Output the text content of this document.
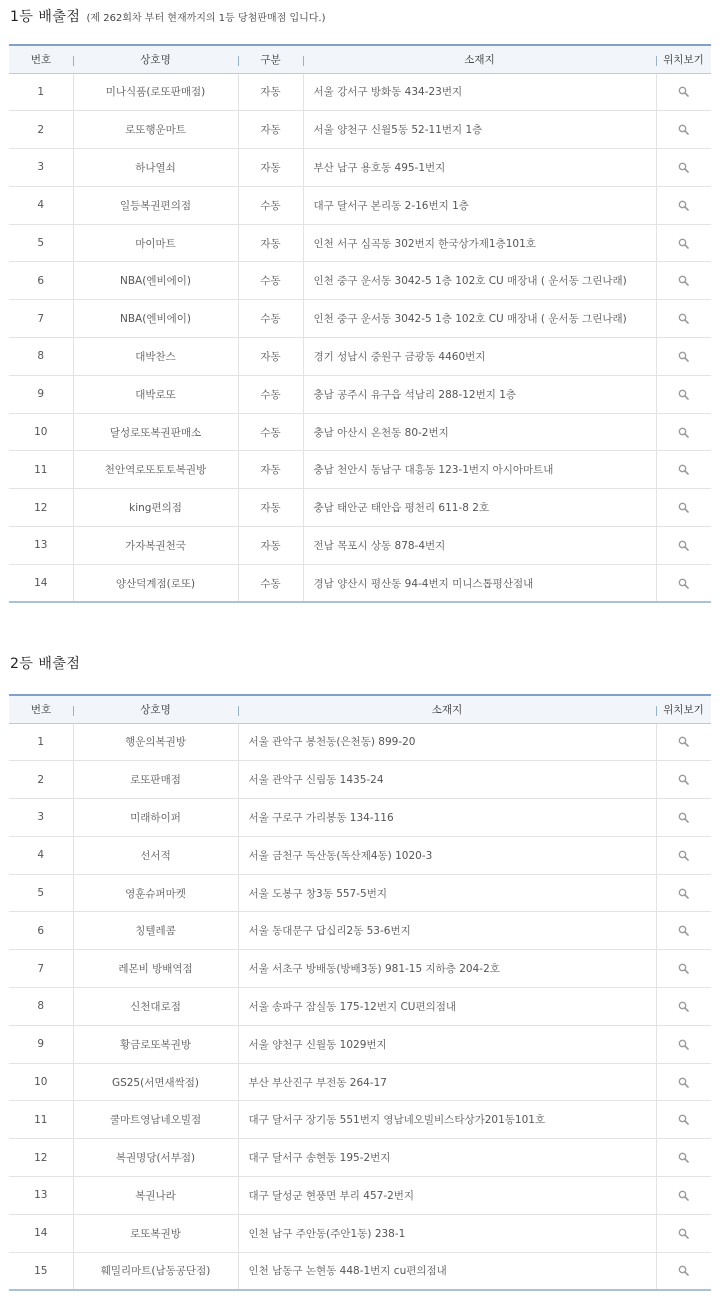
1등 배출점 (제 262회차 부터 현재까지의 1등 당첨판매점 입니다.)
번호	상호명	구분	소재지	위치보기
1	미나식품(로또판매점)	자동	서울 강서구 방화동 434-23번지	

2	로또행운마트	자동	서울 양천구 신월5동 52-11번지 1층	

3	하나열쇠	자동	부산 남구 용호동 495-1번지	

4	일등복권편의점	수동	대구 달서구 본리동 2-16번지 1층	

5	마이마트	자동	인천 서구 심곡동 302번지 한국상가제1층101호	

6	NBA(엔비에이)	수동	인천 중구 운서동 3042-5 1층 102호 CU 매장내 ( 운서동 그린나래)	

7	NBA(엔비에이)	수동	인천 중구 운서동 3042-5 1층 102호 CU 매장내 ( 운서동 그린나래)	

8	대박찬스	자동	경기 성남시 중원구 금광동 4460번지	

9	대박로또	수동	충남 공주시 유구읍 석남리 288-12번지 1층	

10	달성로또복권판매소	수동	충남 아산시 온천동 80-2번지	

11	천안역로또토토복권방	자동	충남 천안시 동남구 대흥동 123-1번지 아시아마트내	

12	king편의점	자동	충남 태안군 태안읍 평천리 611-8 2호	

13	가자복권천국	자동	전남 목포시 상동 878-4번지	

14	양산덕계점(로또)	수동	경남 양산시 평산동 94-4번지 미니스톱평산점내	
2등 배출점
번호	상호명	소재지	위치보기
1	행운의복권방	서울 관악구 봉천동(은천동) 899-20	

2	로또판매점	서울 관악구 신림동 1435-24	

3	미래하이퍼	서울 구로구 가리봉동 134-116	

4	선서적	서울 금천구 독산동(독산제4동) 1020-3	

5	영훈슈퍼마켓	서울 도봉구 창3동 557-5번지	

6	칭텔레콤	서울 동대문구 답십리2동 53-6번지	

7	레몬비 방배역점	서울 서초구 방배동(방배3동) 981-15 지하층 204-2호	

8	신천대로점	서울 송파구 잠실동 175-12번지 CU편의점내	

9	황금로또복권방	서울 양천구 신월동 1029번지	

10	GS25(서면새싹점)	부산 부산진구 부전동 264-17	

11	쿨마트영남네오빌점	대구 달서구 장기동 551번지 영남네오빌비스타상가201동101호	

12	복권명당(서부점)	대구 달서구 송현동 195-2번지	

13	복권나라	대구 달성군 현풍면 부리 457-2번지	

14	로또복권방	인천 남구 주안동(주안1동) 238-1	

15	훼밀리마트(남동공단점)	인천 남동구 논현동 448-1번지 cu편의점내	
